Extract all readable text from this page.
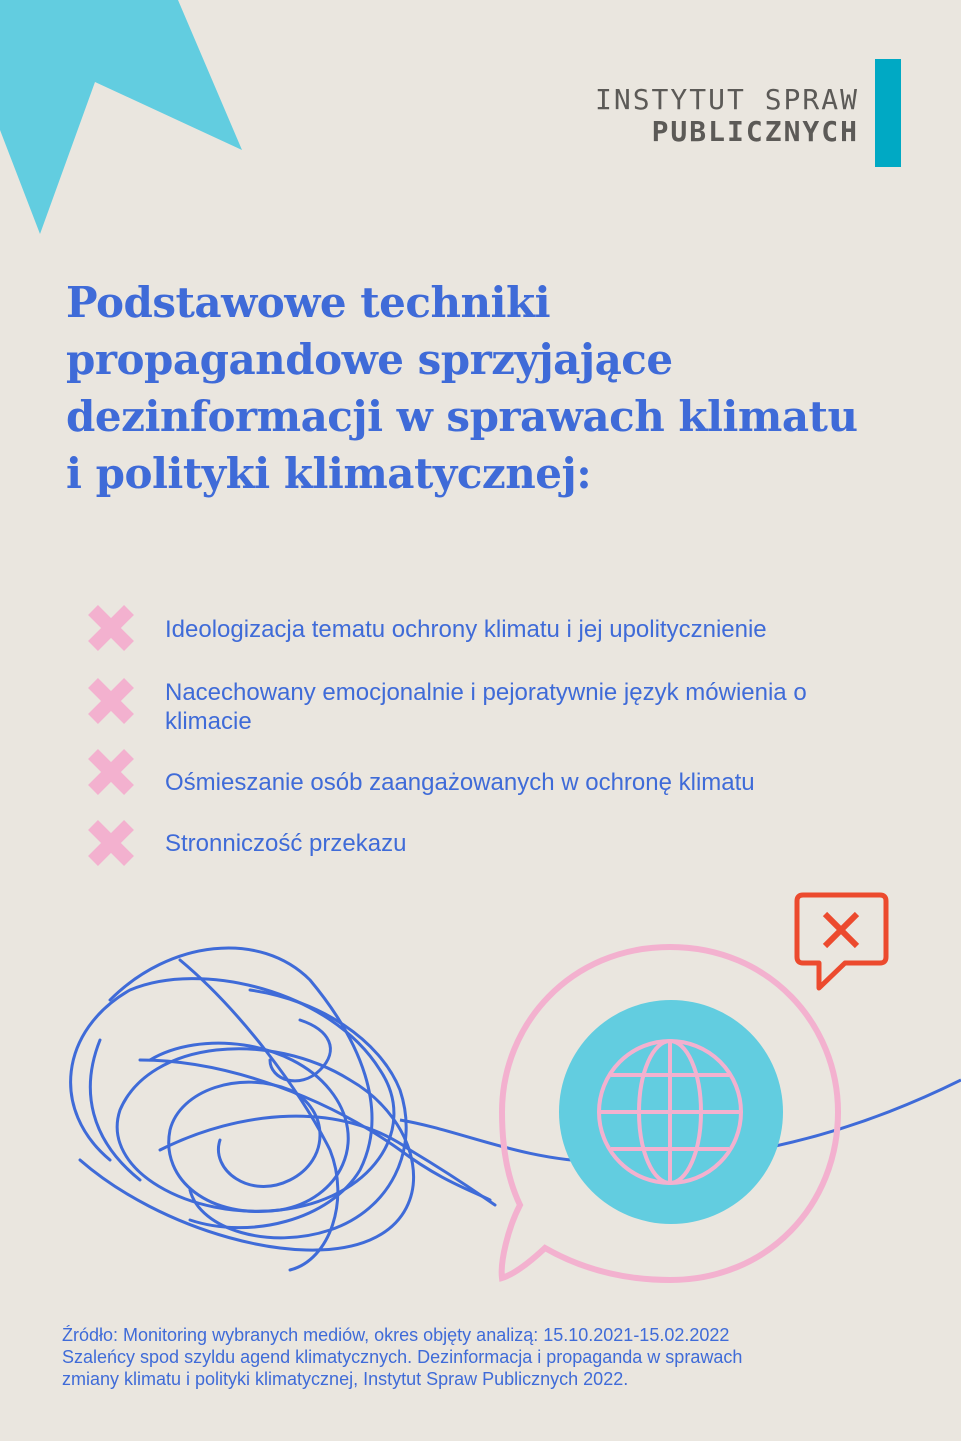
INSTYTUT SPRAW
PUBLICZNYCH
Podstawowe techniki
propagandowe sprzyjające
dezinformacji w sprawach klimatu
i polityki klimatycznej:
Ideologizacja tematu ochrony klimatu i jej upolitycznienie
Nacechowany emocjonalnie i pejoratywnie język mówienia o klimacie
Ośmieszanie osób zaangażowanych w ochronę klimatu
Stronniczość przekazu
Źródło: Monitoring wybranych mediów, okres objęty analizą: 15.10.2021-15.02.2022
Szaleńcy spod szyldu agend klimatycznych. Dezinformacja i propaganda w sprawach
zmiany klimatu i polityki klimatycznej, Instytut Spraw Publicznych 2022.
